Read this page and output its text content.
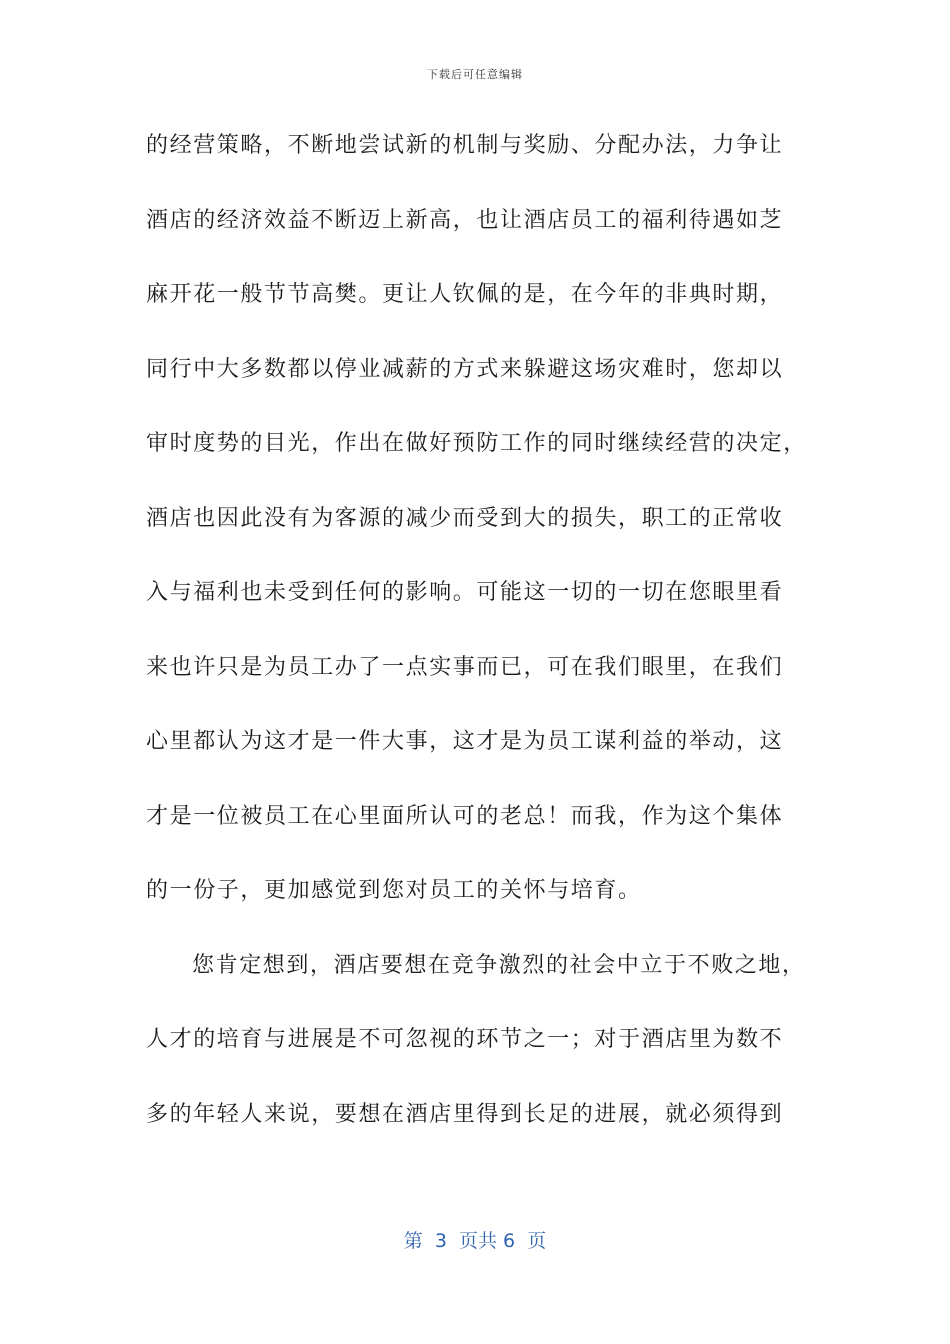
下载后可任意编辑
的经营策略，不断地尝试新的机制与奖励、分配办法，力争让
酒店的经济效益不断迈上新高，也让酒店员工的福利待遇如芝
麻开花一般节节高樊。更让人钦佩的是，在今年的非典时期，
同行中大多数都以停业减薪的方式来躲避这场灾难时，您却以
审时度势的目光，作出在做好预防工作的同时继续经营的决定，
酒店也因此没有为客源的减少而受到大的损失，职工的正常收
入与福利也未受到任何的影响。可能这一切的一切在您眼里看
来也许只是为员工办了一点实事而已，可在我们眼里，在我们
心里都认为这才是一件大事，这才是为员工谋利益的举动，这
才是一位被员工在心里面所认可的老总！而我，作为这个集体
的一份子，更加感觉到您对员工的关怀与培育。
您肯定想到，酒店要想在竞争激烈的社会中立于不败之地，
人才的培育与进展是不可忽视的环节之一；对于酒店里为数不
多的年轻人来说，要想在酒店里得到长足的进展，就必须得到
第  3  页共 6  页
